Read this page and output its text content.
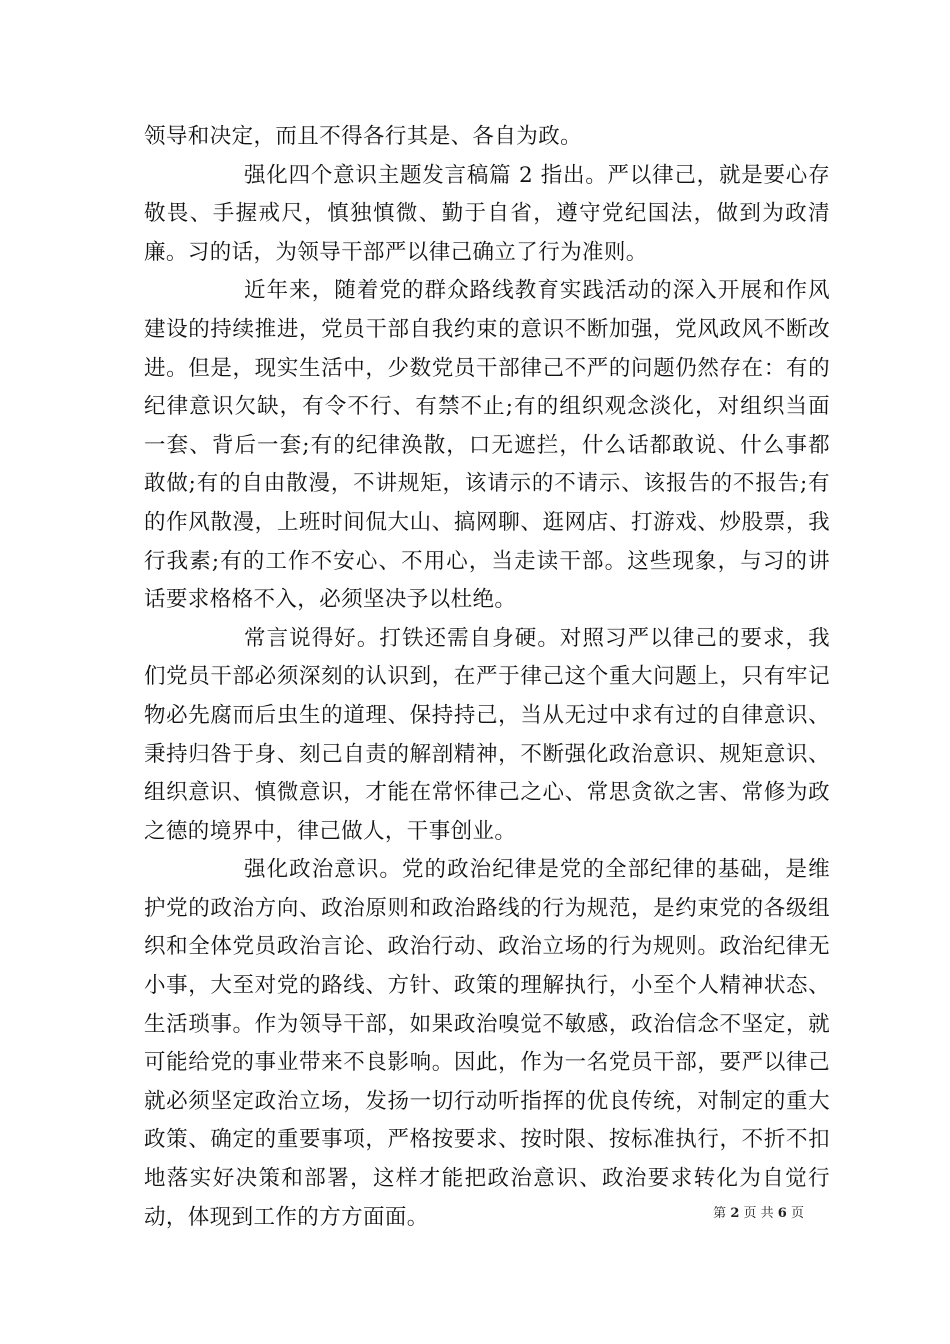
领导和决定，而且不得各行其是、各自为政。

强化四个意识主题发言稿篇 2 指出。严以律己，就是要心存敬畏、手握戒尺，慎独慎微、勤于自省，遵守党纪国法，做到为政清廉。习的话，为领导干部严以律己确立了行为准则。

近年来，随着党的群众路线教育实践活动的深入开展和作风建设的持续推进，党员干部自我约束的意识不断加强，党风政风不断改进。但是，现实生活中，少数党员干部律己不严的问题仍然存在：有的纪律意识欠缺，有令不行、有禁不止;有的组织观念淡化，对组织当面一套、背后一套;有的纪律涣散，口无遮拦，什么话都敢说、什么事都敢做;有的自由散漫，不讲规矩，该请示的不请示、该报告的不报告;有的作风散漫，上班时间侃大山、搞网聊、逛网店、打游戏、炒股票，我行我素;有的工作不安心、不用心，当走读干部。这些现象，与习的讲话要求格格不入，必须坚决予以杜绝。

常言说得好。打铁还需自身硬。对照习严以律己的要求，我们党员干部必须深刻的认识到，在严于律己这个重大问题上，只有牢记物必先腐而后虫生的道理、保持持己，当从无过中求有过的自律意识、秉持归咎于身、刻己自责的解剖精神，不断强化政治意识、规矩意识、组织意识、慎微意识，才能在常怀律己之心、常思贪欲之害、常修为政之德的境界中，律己做人，干事创业。

强化政治意识。党的政治纪律是党的全部纪律的基础，是维护党的政治方向、政治原则和政治路线的行为规范，是约束党的各级组织和全体党员政治言论、政治行动、政治立场的行为规则。政治纪律无小事，大至对党的路线、方针、政策的理解执行，小至个人精神状态、生活琐事。作为领导干部，如果政治嗅觉不敏感，政治信念不坚定，就可能给党的事业带来不良影响。因此，作为一名党员干部，要严以律己就必须坚定政治立场，发扬一切行动听指挥的优良传统，对制定的重大政策、确定的重要事项，严格按要求、按时限、按标准执行，不折不扣地落实好决策和部署，这样才能把政治意识、政治要求转化为自觉行动，体现到工作的方方面面。	第 2 页 共 6 页
